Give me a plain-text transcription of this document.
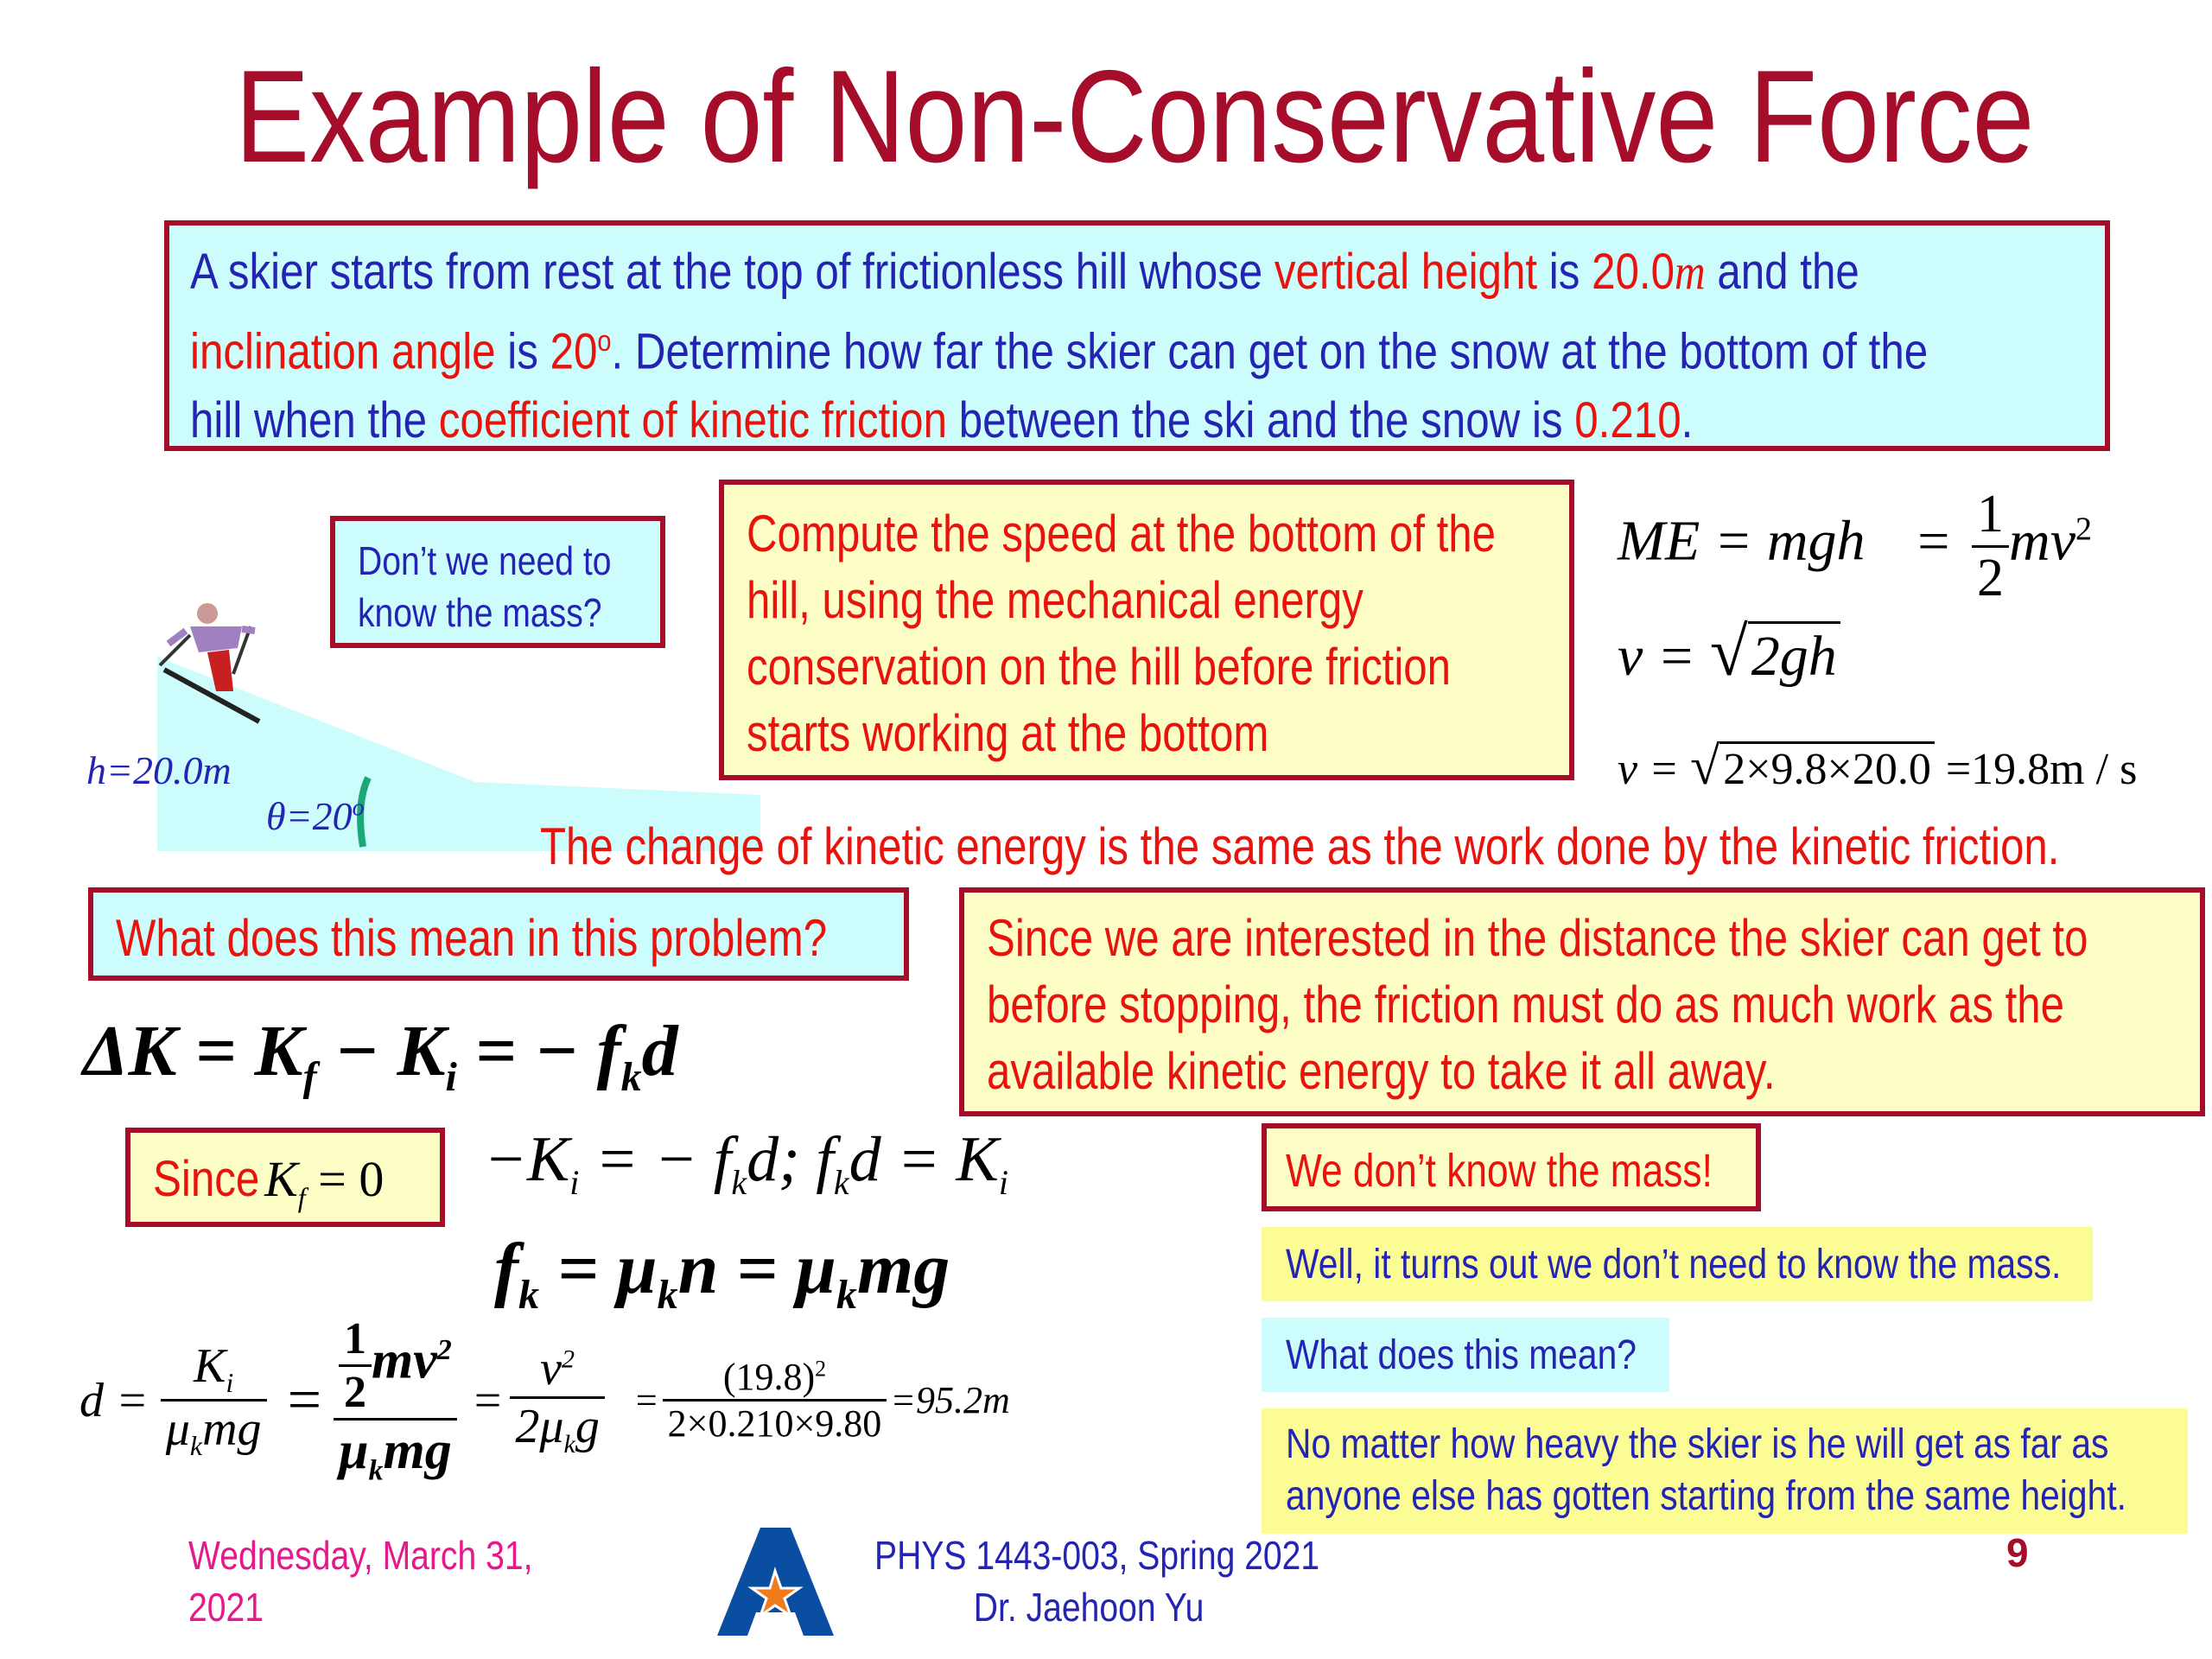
Example of Non-Conservative Force
A skier starts from rest at the top of frictionless hill whose vertical height is 20.0m and the
inclination angle is 20$^o$. Determine how far the skier can get on the snow at the bottom of the
hill when the coefficient of kinetic friction between the ski and the snow is 0.210.
Don’t we need to
know the mass?
Compute the speed at the bottom of the
hill, using the mechanical energy
conservation on the hill before friction
starts working at the bottom
ME = mgh = $\frac{1}{2} mv^2$
v = √2gh
v = √2×9.8×20.0 =19.8m / s
h=20.0m
$\theta=20^o$
The change of kinetic energy is the same as the work done by the kinetic friction.
What does this mean in this problem?	Since we are interested in the distance the skier can get to
before stopping, the friction must do as much work as the
available kinetic energy to take it all away.
$\Delta K = K_f - K_i$ = − $f_kd$
SinceK$_f$ = $0 -K_i$ = − $f_kd$; $f_kd = K_i$
$f_k = \mu_kn = \mu_kmg$
$d = \frac{K_i}{\mu_kmg} = \frac{\frac{1}{2} mv^2}{\mu_kmg} = \frac{v^2}{2\mu_kg} = \frac{(19.8)^2}{2\times 0.210\times 9.80} =95.2m$
We don’t know the mass!
Well, it turns out we don’t need to know the mass.
What does this mean?
No matter how heavy the skier is he will get as far as
anyone else has gotten starting from the same height.
Wednesday, March 31,
2021
PHYS 1443-003, Spring 2021
Dr. Jaehoon Yu
9
